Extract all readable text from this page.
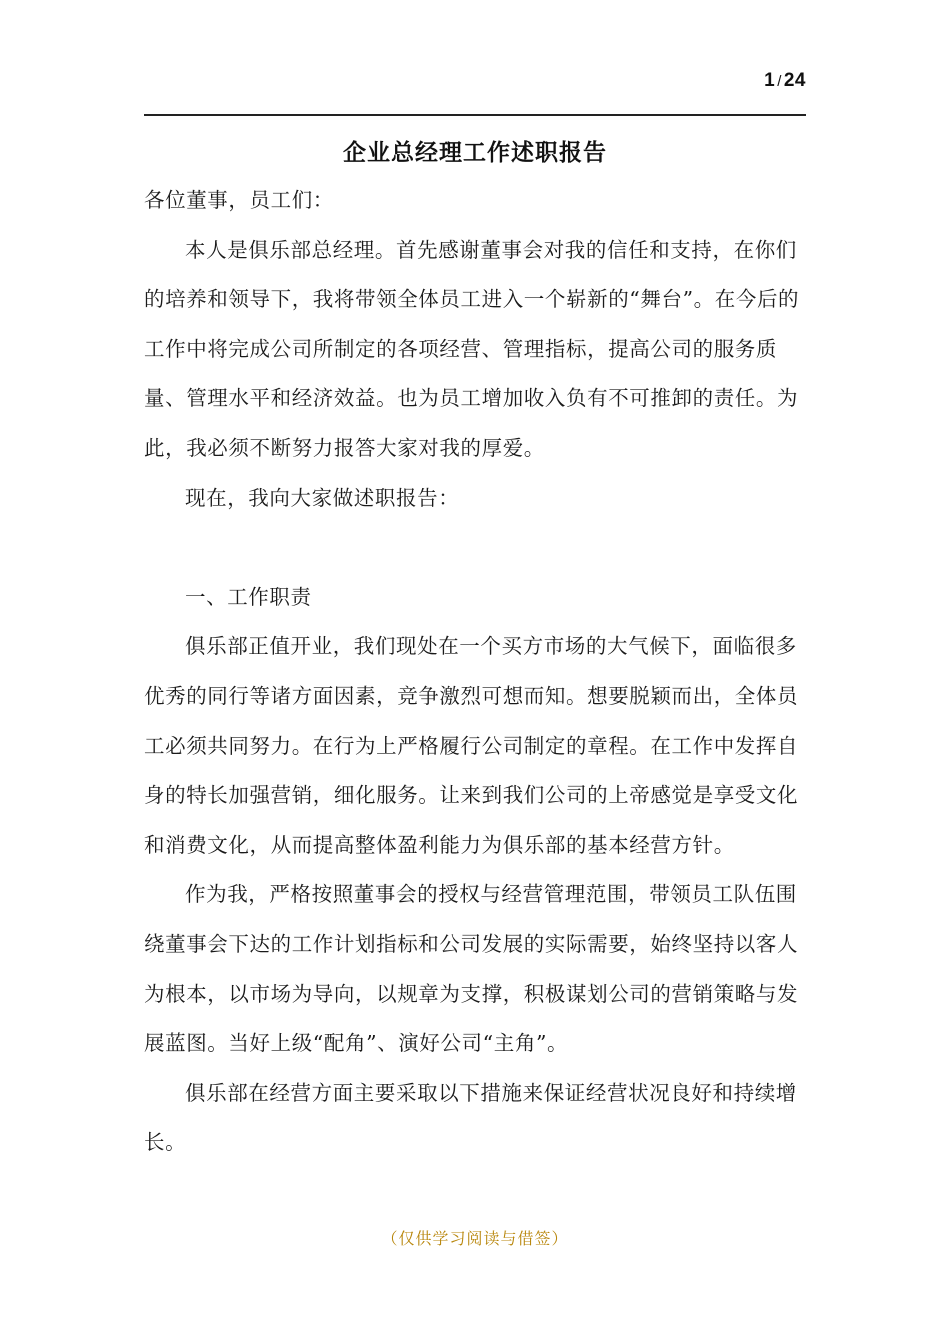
1 / 24
企业总经理工作述职报告

各位董事，员工们：

本人是俱乐部总经理。首先感谢董事会对我的信任和支持，在你们的培养和领导下，我将带领全体员工进入一个崭新的“舞台”。在今后的工作中将完成公司所制定的各项经营、管理指标，提高公司的服务质量、管理水平和经济效益。也为员工增加收入负有不可推卸的责任。为此，我必须不断努力报答大家对我的厚爱。

现在，我向大家做述职报告：

一、工作职责

俱乐部正值开业，我们现处在一个买方市场的大气候下，面临很多优秀的同行等诸方面因素，竞争激烈可想而知。想要脱颖而出，全体员工必须共同努力。在行为上严格履行公司制定的章程。在工作中发挥自身的特长加强营销，细化服务。让来到我们公司的上帝感觉是享受文化和消费文化，从而提高整体盈利能力为俱乐部的基本经营方针。

作为我，严格按照董事会的授权与经营管理范围，带领员工队伍围绕董事会下达的工作计划指标和公司发展的实际需要，始终坚持以客人为根本，以市场为导向，以规章为支撑，积极谋划公司的营销策略与发展蓝图。当好上级“配角”、演好公司“主角”。

俱乐部在经营方面主要采取以下措施来保证经营状况良好和持续增长。

（仅供学习阅读与借签）
